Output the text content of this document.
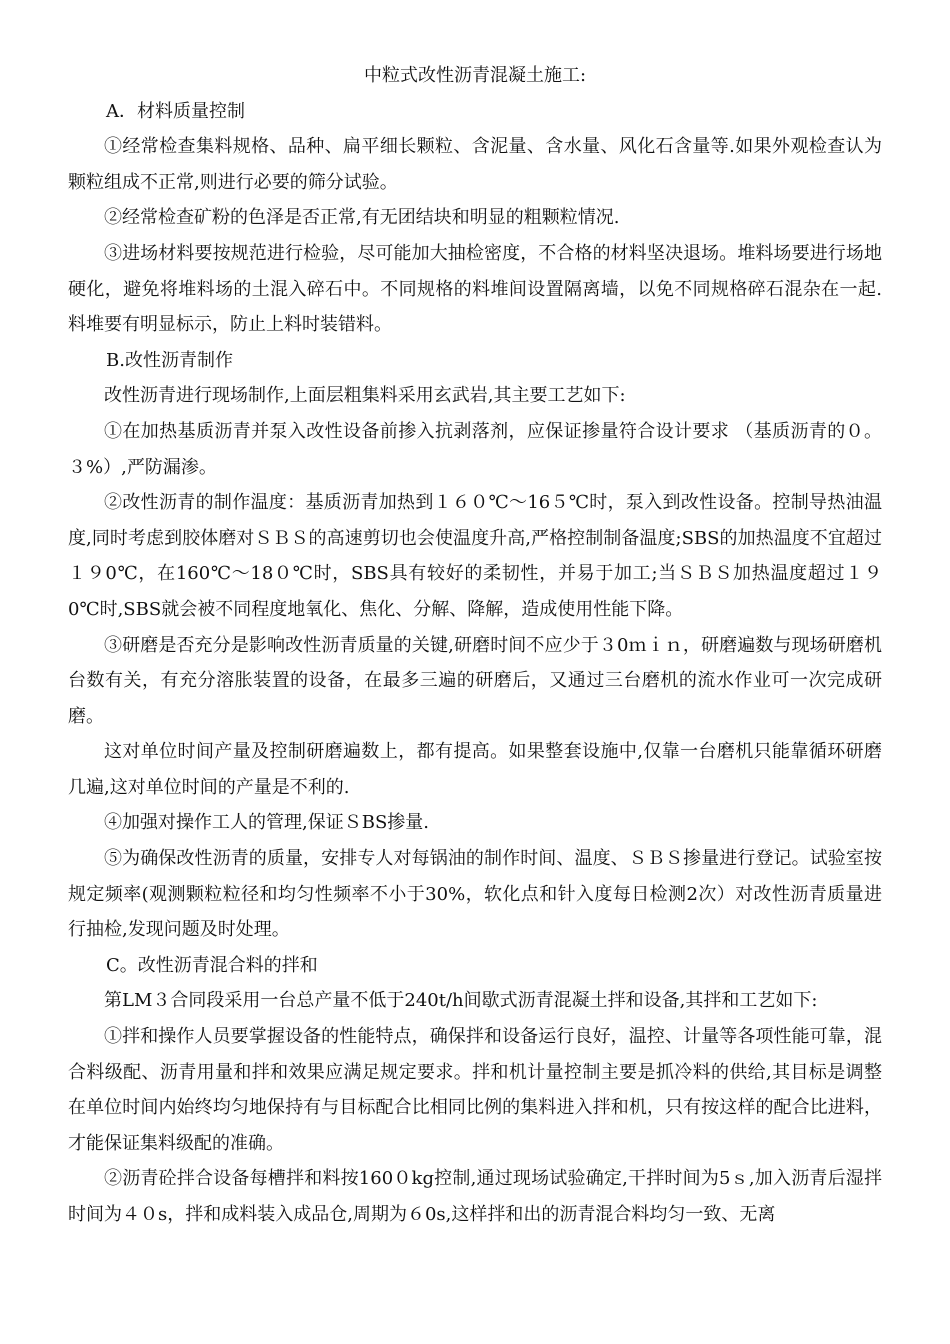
中粒式改性沥青混凝土施工:

A．材料质量控制

①经常检查集料规格、品种、扁平细长颗粒、含泥量、含水量、风化石含量等.如果外观检查认为颗粒组成不正常,则进行必要的筛分试验。

②经常检查矿粉的色泽是否正常,有无团结块和明显的粗颗粒情况.

③进场材料要按规范进行检验，尽可能加大抽检密度，不合格的材料坚决退场。堆料场要进行场地硬化，避免将堆料场的土混入碎石中。不同规格的料堆间设置隔离墙，以免不同规格碎石混杂在一起.料堆要有明显标示，防止上料时装错料。

B.改性沥青制作

改性沥青进行现场制作,上面层粗集料采用玄武岩,其主要工艺如下:

①在加热基质沥青并泵入改性设备前掺入抗剥落剂，应保证掺量符合设计要求 （基质沥青的０。３%）,严防漏渗。

②改性沥青的制作温度：基质沥青加热到１６０℃～16５℃时，泵入到改性设备。控制导热油温度,同时考虑到胶体磨对ＳＢＳ的高速剪切也会使温度升高,严格控制制备温度;SBS的加热温度不宜超过１９0℃，在160℃～18０℃时，SBS具有较好的柔韧性，并易于加工;当ＳＢＳ加热温度超过１９0℃时,SBS就会被不同程度地氧化、焦化、分解、降解，造成使用性能下降。

③研磨是否充分是影响改性沥青质量的关键,研磨时间不应少于３0ｍｉｎ，研磨遍数与现场研磨机台数有关，有充分溶胀装置的设备，在最多三遍的研磨后，又通过三台磨机的流水作业可一次完成研磨。

这对单位时间产量及控制研磨遍数上，都有提高。如果整套设施中,仅靠一台磨机只能靠循环研磨几遍,这对单位时间的产量是不利的.

④加强对操作工人的管理,保证ＳBS掺量.

⑤为确保改性沥青的质量，安排专人对每锅油的制作时间、温度、ＳＢＳ掺量进行登记。试验室按规定频率(观测颗粒粒径和均匀性频率不小于30%，软化点和针入度每日检测2次）对改性沥青质量进行抽检,发现问题及时处理。

C。改性沥青混合料的拌和

第LM３合同段采用一台总产量不低于240t/h间歇式沥青混凝土拌和设备,其拌和工艺如下:

①拌和操作人员要掌握设备的性能特点，确保拌和设备运行良好，温控、计量等各项性能可靠，混合料级配、沥青用量和拌和效果应满足规定要求。拌和机计量控制主要是抓冷料的供给,其目标是调整在单位时间内始终均匀地保持有与目标配合比相同比例的集料进入拌和机，只有按这样的配合比进料，才能保证集料级配的准确。

②沥青砼拌合设备每槽拌和料按160０kg控制,通过现场试验确定,干拌时间为5ｓ,加入沥青后湿拌时间为４０s，拌和成料装入成品仓,周期为６0s,这样拌和出的沥青混合料均匀一致、无离
